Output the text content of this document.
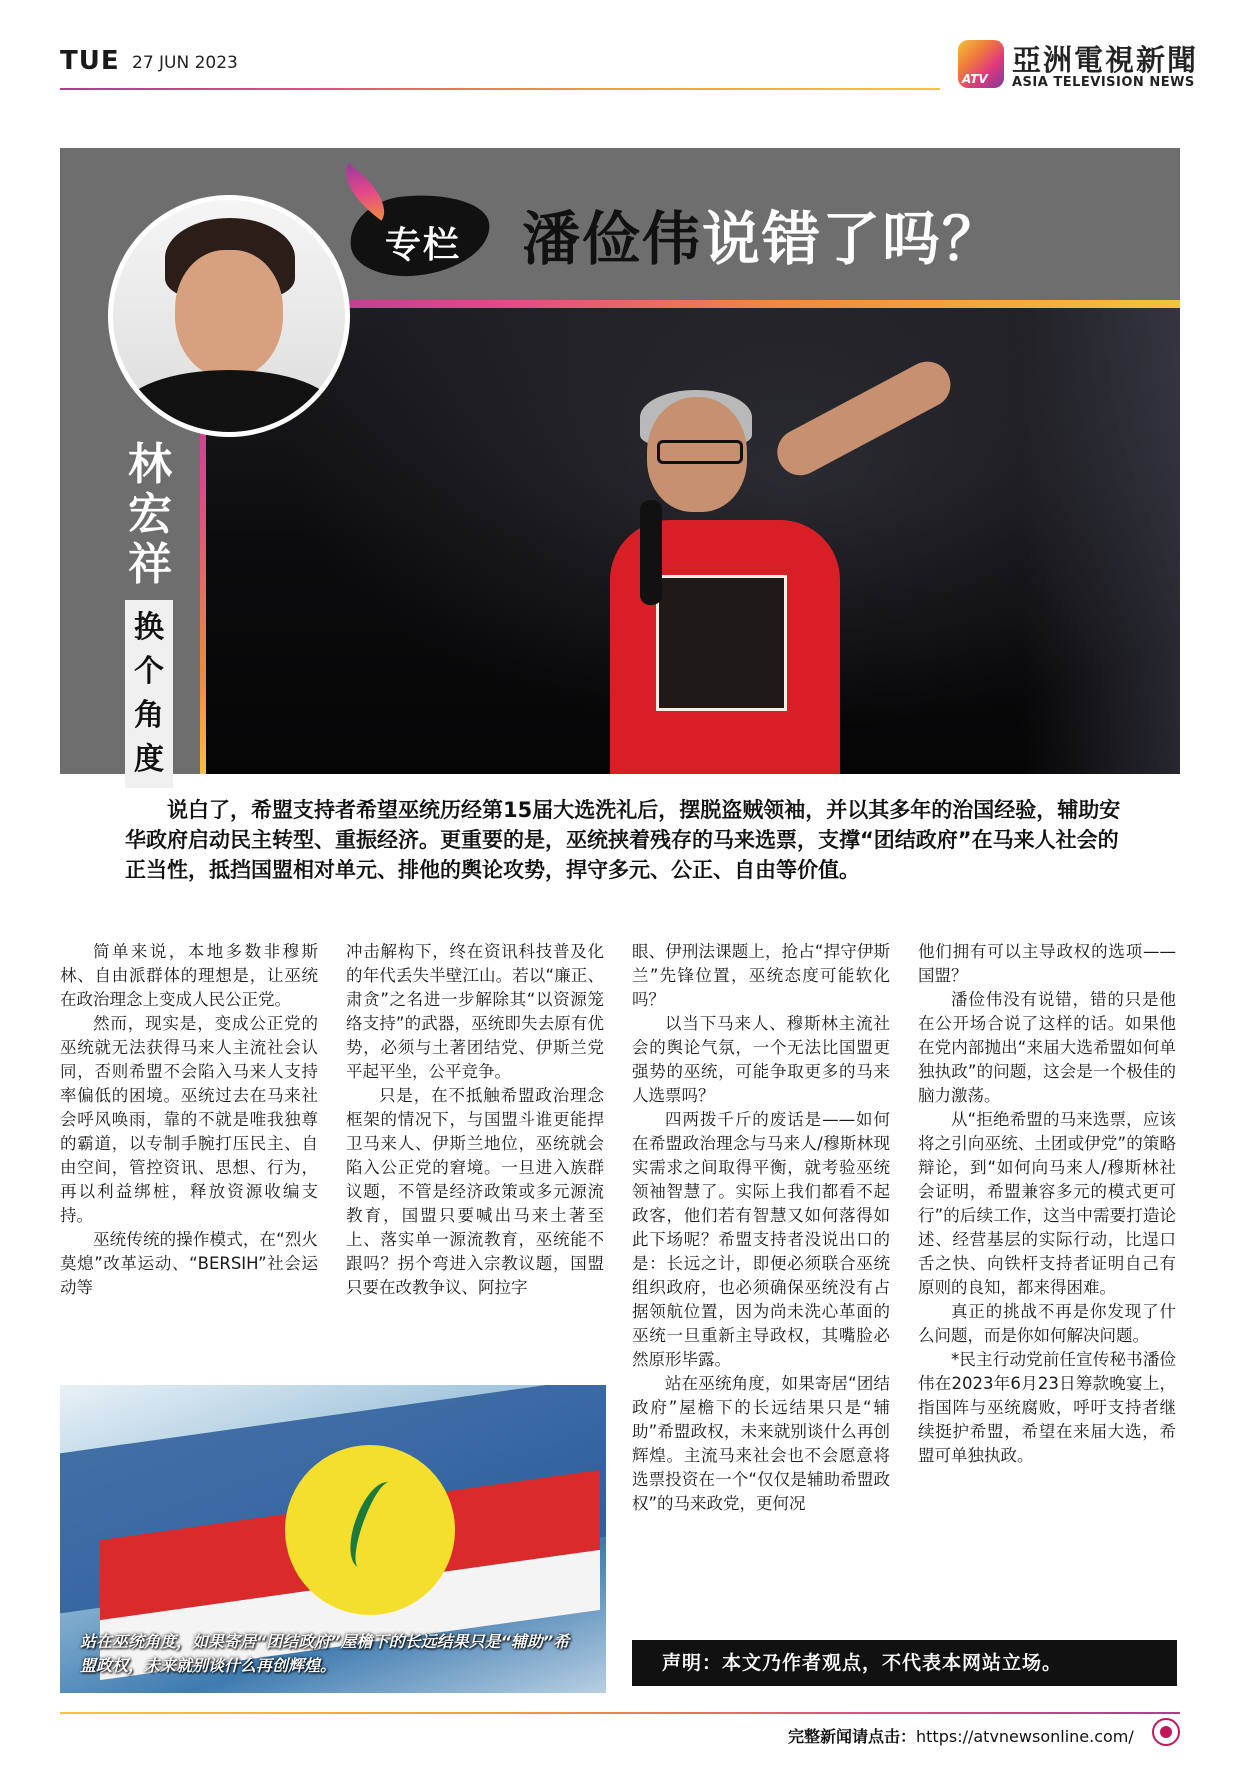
TUE 27 JUN 2023
ATV
亞洲電視新聞
ASIA TELEVISION NEWS
林宏祥
换个角度
专栏 潘俭伟说错了吗？
说白了，希盟支持者希望巫统历经第15届大选洗礼后，摆脱盗贼领袖，并以其多年的治国经验，辅助安华政府启动民主转型、重振经济。更重要的是，巫统挟着残存的马来选票，支撑“团结政府”在马来人社会的正当性，抵挡国盟相对单元、排他的舆论攻势，捍守多元、公正、自由等价值。

简单来说，本地多数非穆斯林、自由派群体的理想是，让巫统在政治理念上变成人民公正党。

然而，现实是，变成公正党的巫统就无法获得马来人主流社会认同，否则希盟不会陷入马来人支持率偏低的困境。巫统过去在马来社会呼风唤雨，靠的不就是唯我独尊的霸道，以专制手腕打压民主、自由空间，管控资讯、思想、行为，再以利益绑桩，释放资源收编支持。

巫统传统的操作模式，在“烈火莫熄”改革运动、“BERSIH”社会运动等

冲击解构下，终在资讯科技普及化的年代丢失半壁江山。若以“廉正、肃贪”之名进一步解除其“以资源笼络支持”的武器，巫统即失去原有优势，必须与土著团结党、伊斯兰党平起平坐，公平竞争。

只是，在不抵触希盟政治理念框架的情况下，与国盟斗谁更能捍卫马来人、伊斯兰地位，巫统就会陷入公正党的窘境。一旦进入族群议题，不管是经济政策或多元源流教育，国盟只要喊出马来土著至上、落实单一源流教育，巫统能不跟吗？拐个弯进入宗教议题，国盟只要在改教争议、阿拉字

眼、伊刑法课题上，抢占“捍守伊斯兰”先锋位置，巫统态度可能软化吗？

以当下马来人、穆斯林主流社会的舆论气氛，一个无法比国盟更强势的巫统，可能争取更多的马来人选票吗？

四两拨千斤的废话是——如何在希盟政治理念与马来人/穆斯林现实需求之间取得平衡，就考验巫统领袖智慧了。实际上我们都看不起政客，他们若有智慧又如何落得如此下场呢？希盟支持者没说出口的是：长远之计，即便必须联合巫统组织政府，也必须确保巫统没有占据领航位置，因为尚未洗心革面的巫统一旦重新主导政权，其嘴脸必然原形毕露。

站在巫统角度，如果寄居“团结政府”屋檐下的长远结果只是“辅助”希盟政权，未来就别谈什么再创辉煌。主流马来社会也不会愿意将选票投资在一个“仅仅是辅助希盟政权”的马来政党，更何况

他们拥有可以主导政权的选项——国盟？

潘俭伟没有说错，错的只是他在公开场合说了这样的话。如果他在党内部抛出“来届大选希盟如何单独执政”的问题，这会是一个极佳的脑力激荡。

从“拒绝希盟的马来选票，应该将之引向巫统、土团或伊党”的策略辩论，到“如何向马来人/穆斯林社会证明，希盟兼容多元的模式更可行”的后续工作，这当中需要打造论述、经营基层的实际行动，比逞口舌之快、向铁杆支持者证明自己有原则的良知，都来得困难。

真正的挑战不再是你发现了什么问题，而是你如何解决问题。

*民主行动党前任宣传秘书潘俭伟在2023年6月23日筹款晚宴上，指国阵与巫统腐败，呼吁支持者继续挺护希盟，希望在来届大选，希盟可单独执政。

站在巫统角度，如果寄居“团结政府”屋檐下的长远结果只是“辅助”希盟政权，未来就别谈什么再创辉煌。	声明：本文乃作者观点，不代表本网站立场。
完整新闻请点击：https://atvnewsonline.com/
